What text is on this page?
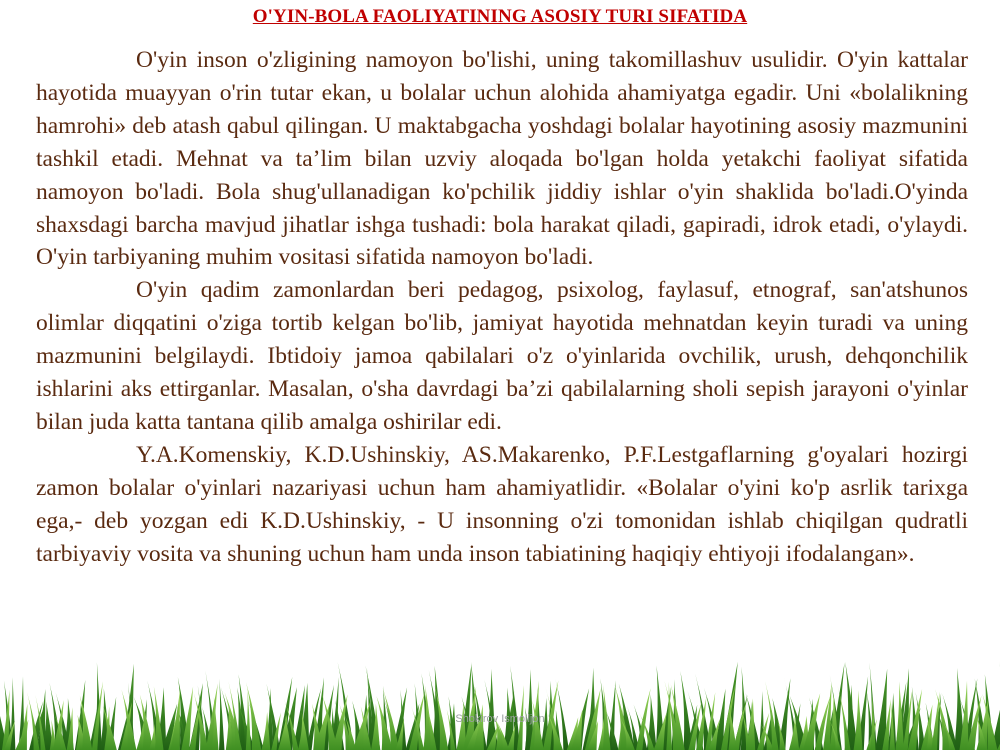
O'YIN-BOLA FAOLIYATINING ASOSIY TURI SIFATIDA

O'yin inson o'zligining namoyon bo'lishi, uning takomillashuv usulidir. O'yin kattalar hayotida muayyan o'rin tutar ekan, u bolalar uchun alohida ahamiyatga egadir. Uni «bolalikning hamrohi» deb atash qabul qilingan. U maktabgacha yoshdagi bolalar hayotining asosiy mazmunini tashkil etadi. Mehnat va ta’lim bilan uzviy aloqada bo'lgan holda yetakchi faoliyat sifatida namoyon bo'ladi. Bola shug'ullanadigan ko'pchilik jiddiy ishlar o'yin shaklida bo'ladi.O'yinda shaxsdagi barcha mavjud jihatlar ishga tushadi: bola harakat qiladi, gapiradi, idrok etadi, o'ylaydi. O'yin tarbiyaning muhim vositasi sifatida namoyon bo'ladi.

O'yin qadim zamonlardan beri pedagog, psixolog, faylasuf, etnograf, san'atshunos olimlar diqqatini o'ziga tortib kelgan bo'lib, jamiyat hayotida mehnatdan keyin turadi va uning mazmunini belgilaydi. Ibtidoiy jamoa qabilalari o'z o'yinlarida ovchilik, urush, dehqonchilik ishlarini aks ettirganlar. Masalan, o'sha davrdagi ba’zi qabilalarning sholi sepish jarayoni o'yinlar bilan juda katta tantana qilib amalga oshirilar edi.

Y.A.Komenskiy, K.D.Ushinskiy, AS.Makarenko, P.F.Lestgaflarning g'oyalari hozirgi zamon bolalar o'yinlari nazariyasi uchun ham ahamiyatlidir. «Bolalar o'yini ko'p asrlik tarixga ega,- deb yozgan edi K.D.Ushinskiy, - U insonning o'zi tomonidan ishlab chiqilgan qudratli tarbiyaviy vosita va shuning uchun ham unda inson tabiatining haqiqiy ehtiyoji ifodalangan».

Shokirov Ismoiljon
